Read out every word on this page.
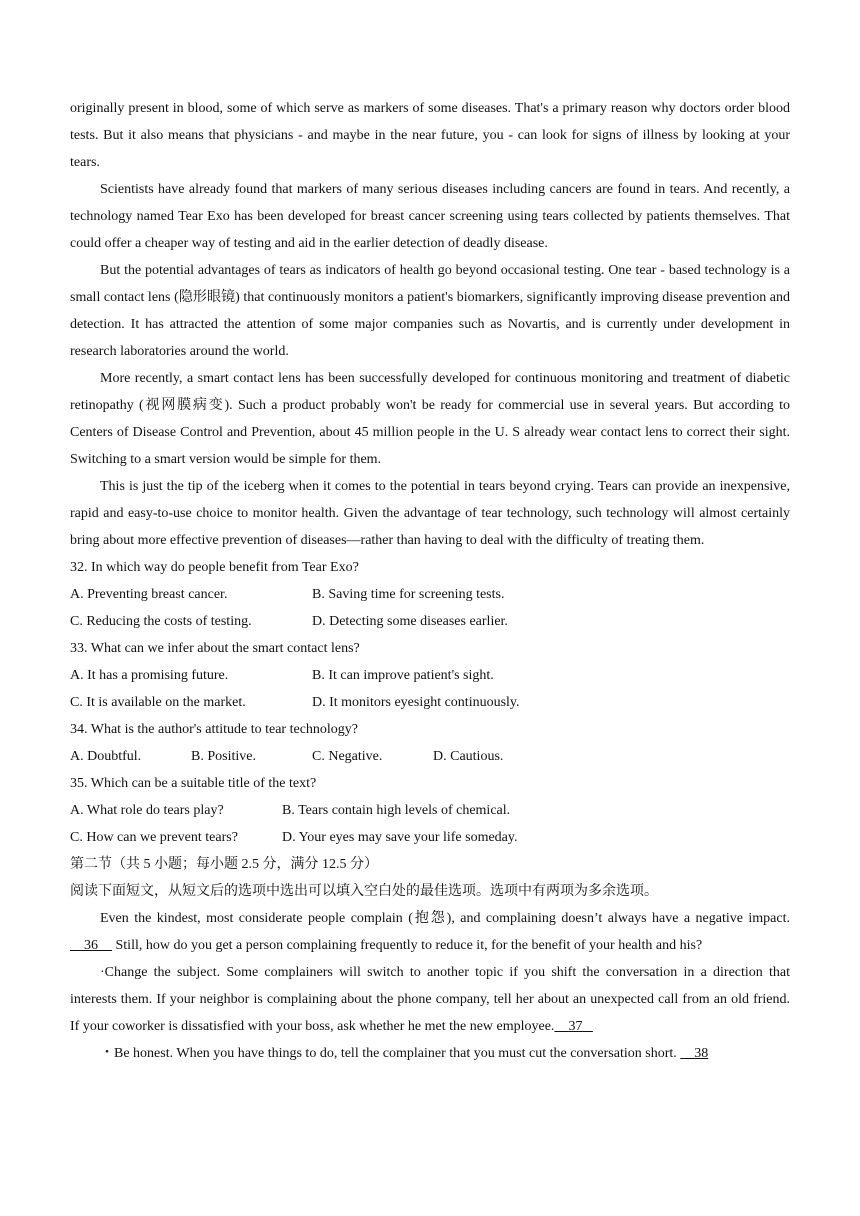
originally present in blood, some of which serve as markers of some diseases. That's a primary reason why doctors order blood tests. But it also means that physicians - and maybe in the near future, you - can look for signs of illness by looking at your tears.

Scientists have already found that markers of many serious diseases including cancers are found in tears. And recently, a technology named Tear Exo has been developed for breast cancer screening using tears collected by patients themselves. That could offer a cheaper way of testing and aid in the earlier detection of deadly disease.

But the potential advantages of tears as indicators of health go beyond occasional testing. One tear - based technology is a small contact lens (隐形眼镜) that continuously monitors a patient's biomarkers, significantly improving disease prevention and detection. It has attracted the attention of some major companies such as Novartis, and is currently under development in research laboratories around the world.

More recently, a smart contact lens has been successfully developed for continuous monitoring and treatment of diabetic retinopathy (视网膜病变). Such a product probably won't be ready for commercial use in several years. But according to Centers of Disease Control and Prevention, about 45 million people in the U. S already wear contact lens to correct their sight. Switching to a smart version would be simple for them.

This is just the tip of the iceberg when it comes to the potential in tears beyond crying. Tears can provide an inexpensive, rapid and easy-to-use choice to monitor health. Given the advantage of tear technology, such technology will almost certainly bring about more effective prevention of diseases—rather than having to deal with the difficulty of treating them.

32. In which way do people benefit from Tear Exo?

A. Preventing breast cancer.	B. Saving time for screening tests.
C. Reducing the costs of testing.	D. Detecting some diseases earlier.

33. What can we infer about the smart contact lens?

A. It has a promising future.	B. It can improve patient's sight.
C. It is available on the market.	D. It monitors eyesight continuously.

34. What is the author's attitude to tear technology?

A. Doubtful.	B. Positive.	C. Negative.	D. Cautious.

35. Which can be a suitable title of the text?

A. What role do tears play?	B. Tears contain high levels of chemical.
C. How can we prevent tears?	D. Your eyes may save your life someday.

第二节（共 5 小题；每小题 2.5 分，满分 12.5 分）

阅读下面短文，从短文后的选项中选出可以填入空白处的最佳选项。选项中有两项为多余选项。

Even the kindest, most considerate people complain (抱怨), and complaining doesn’t always have a negative impact.     36     Still, how do you get a person complaining frequently to reduce it, for the benefit of your health and his?

·Change the subject. Some complainers will switch to another topic if you shift the conversation in a direction that interests them. If your neighbor is complaining about the phone company, tell her about an unexpected call from an old friend. If your coworker is dissatisfied with your boss, ask whether he met the new employee. 37

・Be honest. When you have things to do, tell the complainer that you must cut the conversation short.     38
